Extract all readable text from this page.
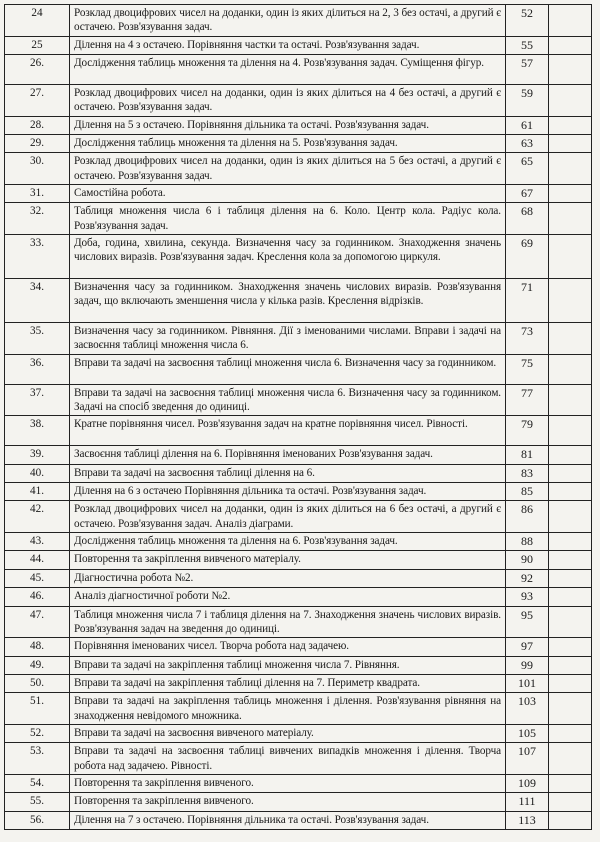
24	Розклад двоцифрових чисел на доданки, один із яких ділиться на 2, 3 без остачі, а другий є остачею. Розв'язування задач.	52	
25	Ділення на 4 з остачею. Порівняння частки та остачі. Розв'язування задач.	55	
26.	Дослідження таблиць множення та ділення на 4. Розв'язування задач. Суміщення фігур.	57	
27.	Розклад двоцифрових чисел на доданки, один із яких ділиться на 4 без остачі, а другий є остачею. Розв'язування задач.	59	
28.	Ділення на 5 з остачею. Порівняння дільника та остачі. Розв'язування задач.	61	
29.	Дослідження таблиць множення та ділення на 5. Розв'язування задач.	63	
30.	Розклад двоцифрових чисел на доданки, один із яких ділиться на 5 без остачі, а другий є остачею. Розв'язування задач.	65	
31.	Самостійна робота.	67	
32.	Таблиця множення числа 6 і таблиця ділення на 6. Коло. Центр кола. Радіус кола. Розв'язування задач.	68	
33.	Доба, година, хвилина, секунда. Визначення часу за годинником. Знаходження значень числових виразів. Розв'язування задач. Креслення кола за допомогою циркуля.	69	
34.	Визначення часу за годинником. Знаходження значень числових виразів. Розв'язування задач, що включають зменшення числа у кілька разів. Креслення відрізків.	71	
35.	Визначення часу за годинником. Рівняння. Дії з іменованими числами. Вправи і задачі на засвоєння таблиці множення числа 6.	73	
36.	Вправи та задачі на засвоєння таблиці множення числа 6. Визначення часу за годинником.	75	
37.	Вправи та задачі на засвоєння таблиці множення числа 6. Визначення часу за годинником. Задачі на спосіб зведення до одиниці.	77	
38.	Кратне порівняння чисел. Розв'язування задач на кратне порівняння чисел. Рівності.	79	
39.	Засвоєння таблиці ділення на 6. Порівняння іменованих Розв'язування задач.	81	
40.	Вправи та задачі на засвоєння таблиці ділення на 6.	83	
41.	Ділення на 6 з остачею Порівняння дільника та остачі. Розв'язування задач.	85	
42.	Розклад двоцифрових чисел на доданки, один із яких ділиться на 6 без остачі, а другий є остачею. Розв'язування задач. Аналіз діаграми.	86	
43.	Дослідження таблиць множення та ділення на 6. Розв'язування задач.	88	
44.	Повторення та закріплення вивченого матеріалу.	90	
45.	Діагностична робота №2.	92	
46.	Аналіз діагностичної роботи №2.	93	
47.	Таблиця множення числа 7 і таблиця ділення на 7. Знаходження значень числових виразів. Розв'язування задач на зведення до одиниці.	95	
48.	Порівняння іменованих чисел. Творча робота над задачею.	97	
49.	Вправи та задачі на закріплення таблиці множення числа 7. Рівняння.	99	
50.	Вправи та задачі на закріплення таблиці ділення на 7. Периметр квадрата.	101	
51.	Вправи та задачі на закріплення таблиць множення і ділення. Розв'язування рівняння на знаходження невідомого множника.	103	
52.	Вправи та задачі на засвоєння вивченого матеріалу.	105	
53.	Вправи та задачі на засвоєння таблиці вивчених випадків множення і ділення. Творча робота над задачею. Рівності.	107	
54.	Повторення та закріплення вивченого.	109	
55.	Повторення та закріплення вивченого.	111	
56.	Ділення на 7 з остачею. Порівняння дільника та остачі. Розв'язування задач.	113	
